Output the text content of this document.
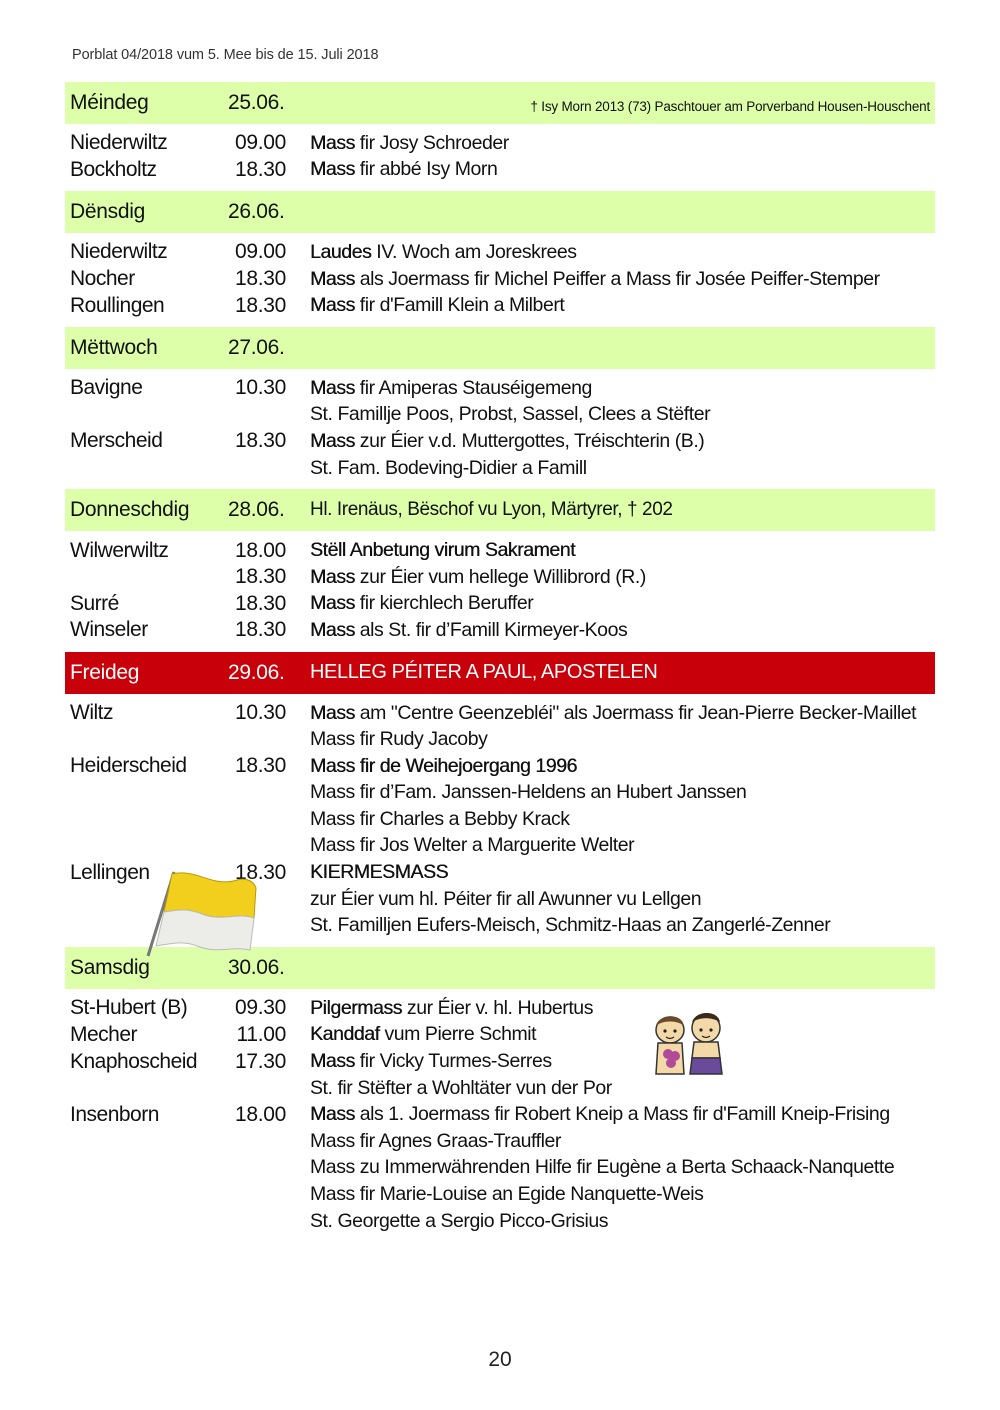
Porblat 04/2018 vum 5. Mee bis de 15. Juli 2018
Méindeg	25.06.	† Isy Morn 2013 (73) Paschtouer am Porverband Housen-Houschent
Niederwiltz	09.00	Mass fir Josy Schroeder
Bockholtz	18.30	Mass fir abbé Isy Morn
Dënsdig	26.06.
Niederwiltz	09.00	Laudes IV. Woch am Joreskrees
Nocher	18.30	Mass als Joermass fir Michel Peiffer a Mass fir Josée Peiffer-Stemper
Roullingen	18.30	Mass fir d'Famill Klein a Milbert
Mëttwoch	27.06.
Bavigne	10.30	Mass fir Amiperas Stauséigemeng
St. Famillje Poos, Probst, Sassel, Clees a Stëfter
Merscheid	18.30	Mass zur Éier v.d. Muttergottes, Tréischterin (B.)
St. Fam. Bodeving-Didier a Famill
Donneschdig	28.06.	Hl. Irenäus, Bëschof vu Lyon, Märtyrer, † 202
Wilwerwiltz	18.00	Stëll Anbetung virum Sakrament
18.30	Mass zur Éier vum hellege Willibrord (R.)
Surré	18.30	Mass fir kierchlech Beruffer
Winseler	18.30	Mass als St. fir d’Famill Kirmeyer-Koos
Freideg	29.06.	HELLEG PÉITER A PAUL, APOSTELEN
Wiltz	10.30	Mass am "Centre Geenzebléi" als Joermass fir Jean-Pierre Becker-Maillet
Mass fir Rudy Jacoby
Heiderscheid	18.30	Mass fir de Weihejoergang 1996
Mass fir d’Fam. Janssen-Heldens an Hubert Janssen
Mass fir Charles a Bebby Krack
Mass fir Jos Welter a Marguerite Welter
Lellingen	18.30	KIERMESMASS
zur Éier vum hl. Péiter fir all Awunner vu Lellgen
St. Familljen Eufers-Meisch, Schmitz-Haas an Zangerlé-Zenner
Samsdig	30.06.
St-Hubert (B)	09.30	Pilgermass zur Éier v. hl. Hubertus
Mecher	11.00	Kanddaf vum Pierre Schmit
Knaphoscheid	17.30	Mass fir Vicky Turmes-Serres
St. fir Stëfter a Wohltäter vun der Por
Insenborn	18.00	Mass als 1. Joermass fir Robert Kneip a Mass fir d'Famill Kneip-Frising
Mass fir Agnes Graas-Trauffler
Mass zu Immerwährenden Hilfe fir Eugène a Berta Schaack-Nanquette
Mass fir Marie-Louise an Egide Nanquette-Weis
St. Georgette a Sergio Picco-Grisius
20
